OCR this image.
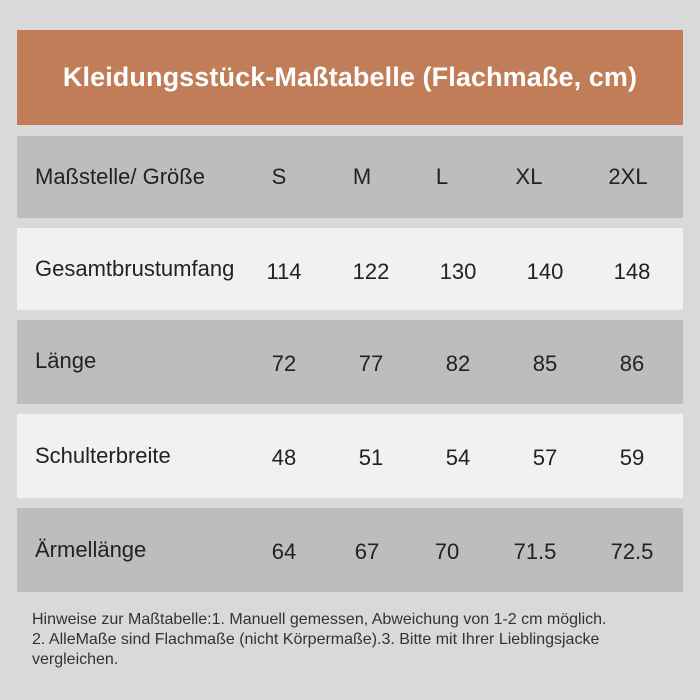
Kleidungsstück-Maßtabelle (Flachmaße, cm)
Maßstelle/ Größe	S	M	L	XL	2XL
Gesamtbrustumfang 114 122 130 140 148
Länge	72	77	82	85	86
Schulterbreite	48	51	54	57	59
Ärmellänge	64	67	70 71.5 72.5
Hinweise zur Maßtabelle:1. Manuell gemessen, Abweichung von 1-2 cm möglich.
2. AlleMaße sind Flachmaße (nicht Körpermaße).3. Bitte mit Ihrer Lieblingsjacke
vergleichen.
